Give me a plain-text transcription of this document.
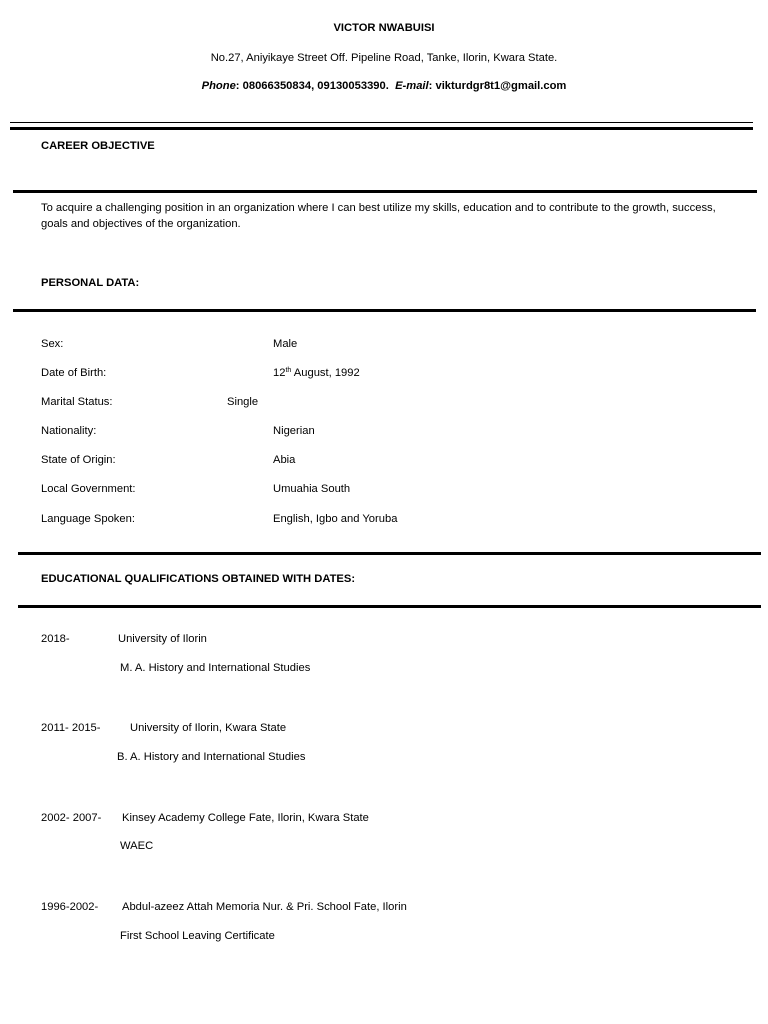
VICTOR NWABUISI
No.27, Aniyikaye Street Off. Pipeline Road, Tanke, Ilorin, Kwara State.
Phone: 08066350834, 09130053390. E-mail: vikturdgr8t1@gmail.com
CAREER OBJECTIVE
To acquire a challenging position in an organization where I can best utilize my skills, education and to contribute to the growth, success, goals and objectives of the organization.
PERSONAL DATA:
Sex:	Male
Date of Birth:	12th August, 1992
Marital Status:	Single
Nationality:	Nigerian
State of Origin:	Abia
Local Government:	Umuahia South
Language Spoken:	English, Igbo and Yoruba
EDUCATIONAL QUALIFICATIONS OBTAINED WITH DATES:
2018-	University of Ilorin
M. A. History and International Studies
2011- 2015-	University of Ilorin, Kwara State
B. A. History and International Studies
2002- 2007- Kinsey Academy College Fate, Ilorin, Kwara State
WAEC
1996-2002- Abdul-azeez Attah Memoria Nur. & Pri. School Fate, Ilorin
First School Leaving Certificate
